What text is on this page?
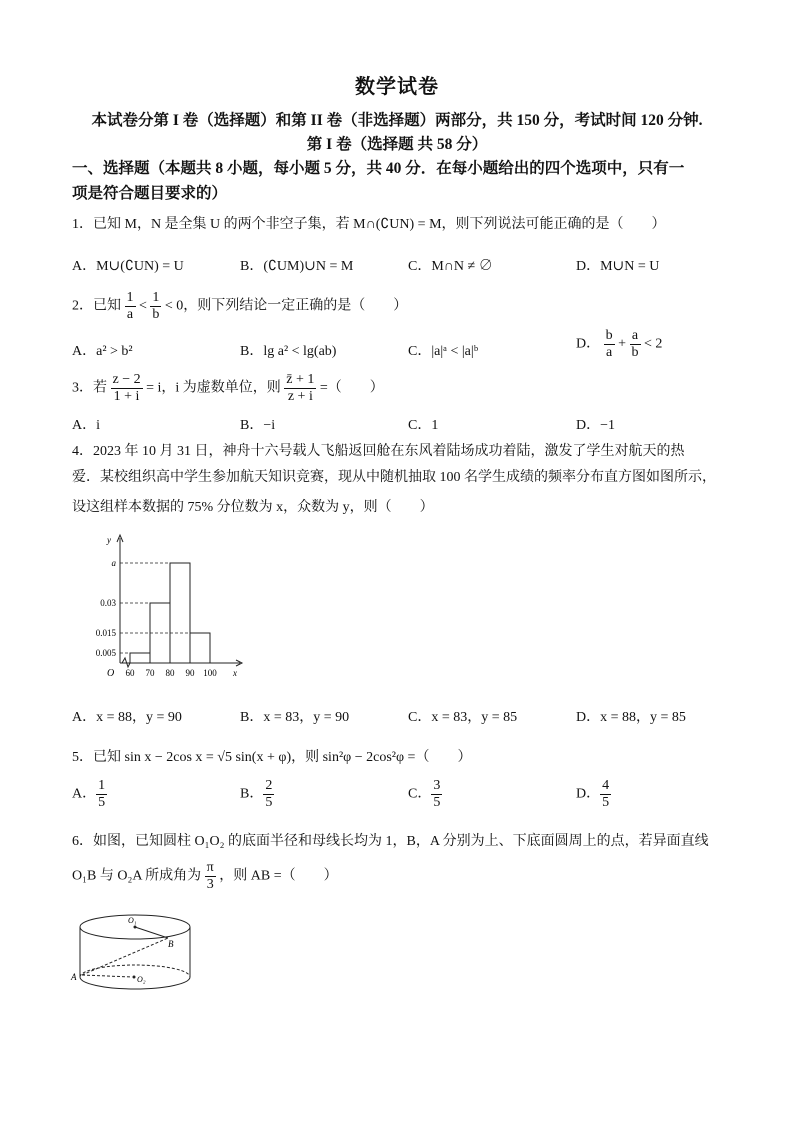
数学试卷
本试卷分第 I 卷（选择题）和第 II 卷（非选择题）两部分，共 150 分，考试时间 120 分钟.
第 I 卷（选择题 共 58 分）
一、选择题（本题共 8 小题，每小题 5 分，共 40 分．在每小题给出的四个选项中，只有一
项是符合题目要求的）
1．已知 M，N 是全集 U 的两个非空子集，若 M∩(∁UN) = M，则下列说法可能正确的是（　　）
A．M∪(∁UN) = U	B．(∁UM)∪N = M	C．M∩N ≠ ∅	D．M∪N = U
2．已知 $\frac{1}{a} < \frac{1}{b} < 0$，则下列结论一定正确的是（　　）
A．a² > b²	B．lg a² < lg(ab)	C．|a|ᵃ < |a|ᵇ	D． $\frac{b}{a} + \frac{a}{b} < 2$
3．若 $\frac{z - 2}{1 + i} = i$，i 为虚数单位，则 $\frac{z̄ + 1}{z + i}$ =（　　）
A．i	B．−i	C．1	D．−1
4．2023 年 10 月 31 日，神舟十六号载人飞船返回舱在东风着陆场成功着陆，激发了学生对航天的热
爱．某校组织高中学生参加航天知识竞赛，现从中随机抽取 100 名学生成绩的频率分布直方图如图所示，
设这组样本数据的 75% 分位数为 x，众数为 y，则（　　）
a
0.03
0.015
0.005
60 70 80 90 100 x
y
O
A．x = 88，y = 90	B．x = 83，y = 90	C．x = 83，y = 85	D．x = 88，y = 85
5．已知 sin x − 2cos x = √5 sin(x + φ)，则 sin²φ − 2cos²φ =（　　）
A． $\frac{1}{5}$	B． $\frac{2}{5}$	C． $\frac{3}{5}$	D． $\frac{4}{5}$
6．如图，已知圆柱 O₁O₂ 的底面半径和母线长均为 1，B，A 分别为上、下底面圆周上的点，若异面直线
O₁B 与 O₂A 所成角为 $\frac{\pi}{3}$ ，则 AB =（　　）
O₁
O₂
A
B
